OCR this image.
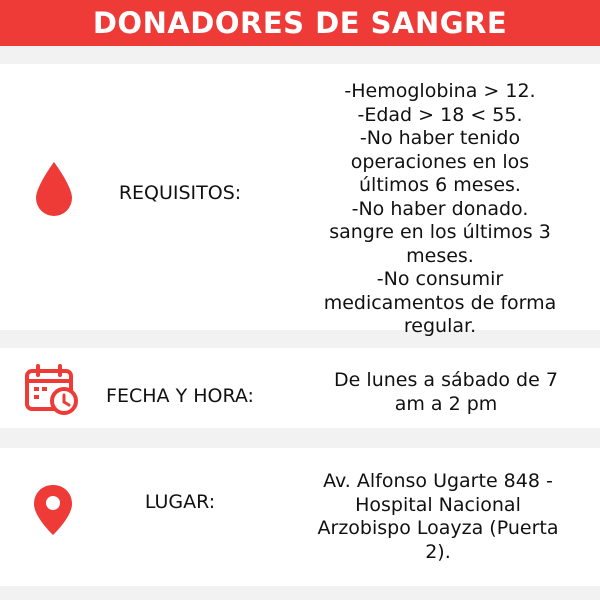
DONADORES DE SANGRE
REQUISITOS:
-Hemoglobina > 12.
-Edad > 18 < 55.
-No haber tenido
operaciones en los
últimos 6 meses.
-No haber donado.
sangre en los últimos 3
meses.
-No consumir
medicamentos de forma
regular.
FECHA Y HORA:
De lunes a sábado de 7
am a 2 pm
LUGAR:
Av. Alfonso Ugarte 848 -
Hospital Nacional
Arzobispo Loayza (Puerta
2).
